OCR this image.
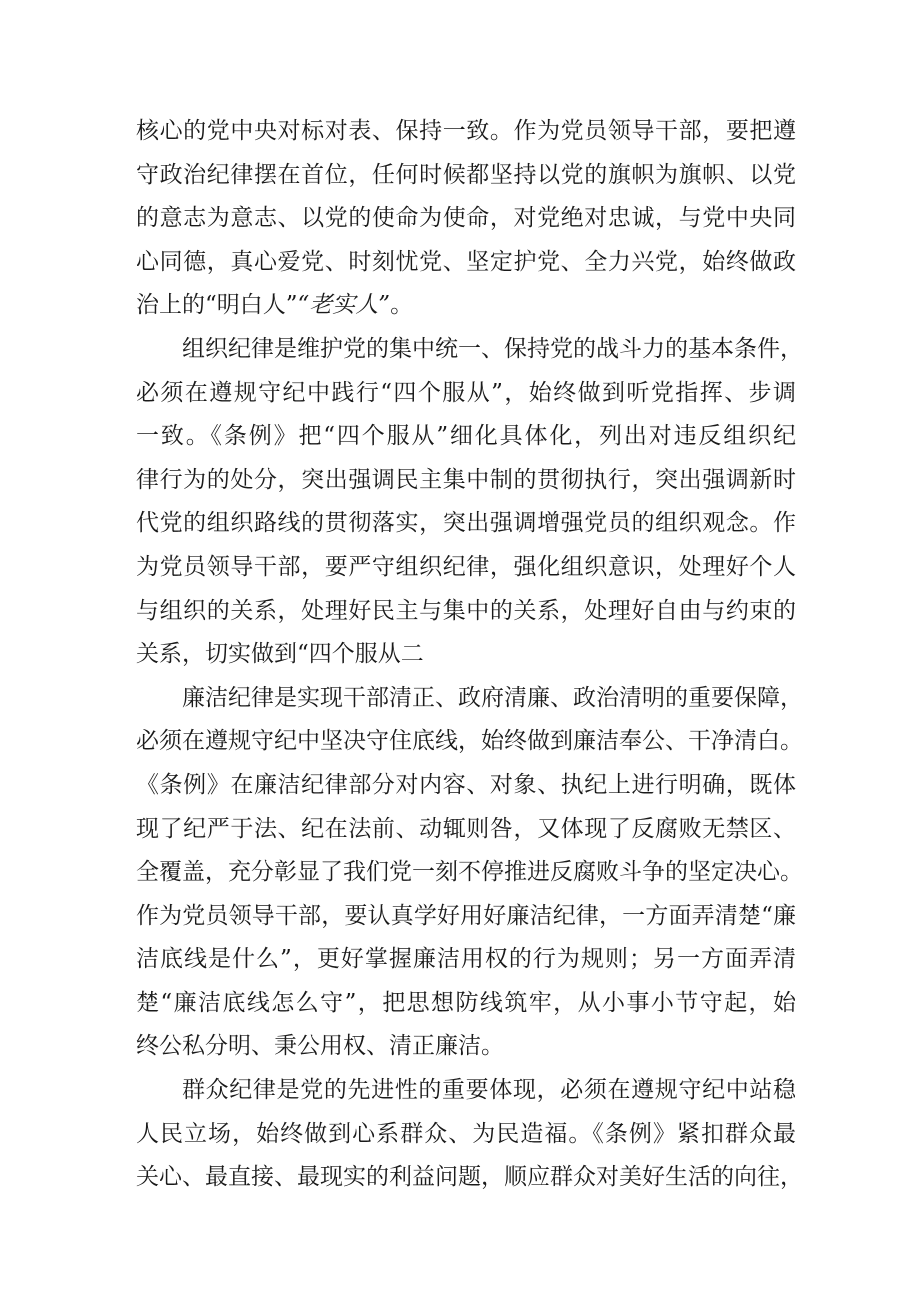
核心的党中央对标对表、保持一致。作为党员领导干部，要把遵
守政治纪律摆在首位，任何时候都坚持以党的旗帜为旗帜、以党
的意志为意志、以党的使命为使命，对党绝对忠诚，与党中央同
心同德，真心爱党、时刻忧党、坚定护党、全力兴党，始终做政
治上的“明白人”“老实人”。
组织纪律是维护党的集中统一、保持党的战斗力的基本条件，
必须在遵规守纪中践行“四个服从”，始终做到听党指挥、步调
一致。《条例》把“四个服从”细化具体化，列出对违反组织纪
律行为的处分，突出强调民主集中制的贯彻执行，突出强调新时
代党的组织路线的贯彻落实，突出强调增强党员的组织观念。作
为党员领导干部，要严守组织纪律，强化组织意识，处理好个人
与组织的关系，处理好民主与集中的关系，处理好自由与约束的
关系，切实做到“四个服从二
廉洁纪律是实现干部清正、政府清廉、政治清明的重要保障，
必须在遵规守纪中坚决守住底线，始终做到廉洁奉公、干净清白。
《条例》在廉洁纪律部分对内容、对象、执纪上进行明确，既体
现了纪严于法、纪在法前、动辄则咎，又体现了反腐败无禁区、
全覆盖，充分彰显了我们党一刻不停推进反腐败斗争的坚定决心。
作为党员领导干部，要认真学好用好廉洁纪律，一方面弄清楚“廉
洁底线是什么”，更好掌握廉洁用权的行为规则；另一方面弄清
楚“廉洁底线怎么守”，把思想防线筑牢，从小事小节守起，始
终公私分明、秉公用权、清正廉洁。
群众纪律是党的先进性的重要体现，必须在遵规守纪中站稳
人民立场，始终做到心系群众、为民造福。《条例》紧扣群众最
关心、最直接、最现实的利益问题，顺应群众对美好生活的向往，
